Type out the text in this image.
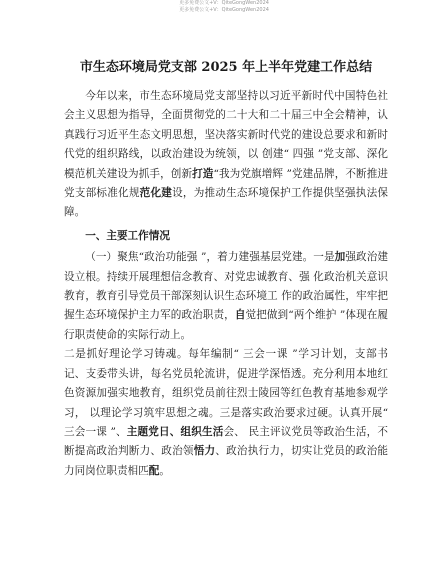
更多免费公文+V：QiteGongWen2024
更多免费公文+V：QiteGongWen2024
市生态环境局党支部 2025 年上半年党建工作总结

今年以来，市生态环境局党支部坚持以习近平新时代中国特色社会主义思想为指导，全面贯彻党的二十大和二十届三中全会精神，认真践行习近平生态文明思想，坚决落实新时代党的建设总要求和新时代党的组织路线，以政治建设为统领，以 创建“ 四强 ”党支部、深化模范机关建设为抓手，创新打造“我为党旗增辉 ”党建品牌，不断推进党支部标准化规范化建设，为推动生态环境保护工作提供坚强执法保障。

一、主要工作情况

（一）聚焦“政治功能强 ”，着力建强基层党建。一是加强政治建设立根。持续开展理想信念教育、对党忠诚教育、强 化政治机关意识教育，教育引导党员干部深刻认识生态环境工 作的政治属性，牢牢把握生态环境保护主力军的政治职责，自觉把做到“两个维护 ”体现在履行职责使命的实际行动上。

二是抓好理论学习铸魂。每年编制“ 三会一课 ”学习计划，支部书记、支委带头讲，每名党员轮流讲，促进学深悟透。充分利用本地红色资源加强实地教育，组织党员前往烈士陵园等红色教育基地参观学习， 以理论学习筑牢思想之魂。三是落实政治要求过硬。认真开展“ 三会一课 ”、主题党日、组织生活会、 民主评议党员等政治生活，不断提高政治判断力、政治领悟力、政治执行力，切实让党员的政治能力同岗位职责相匹配。
